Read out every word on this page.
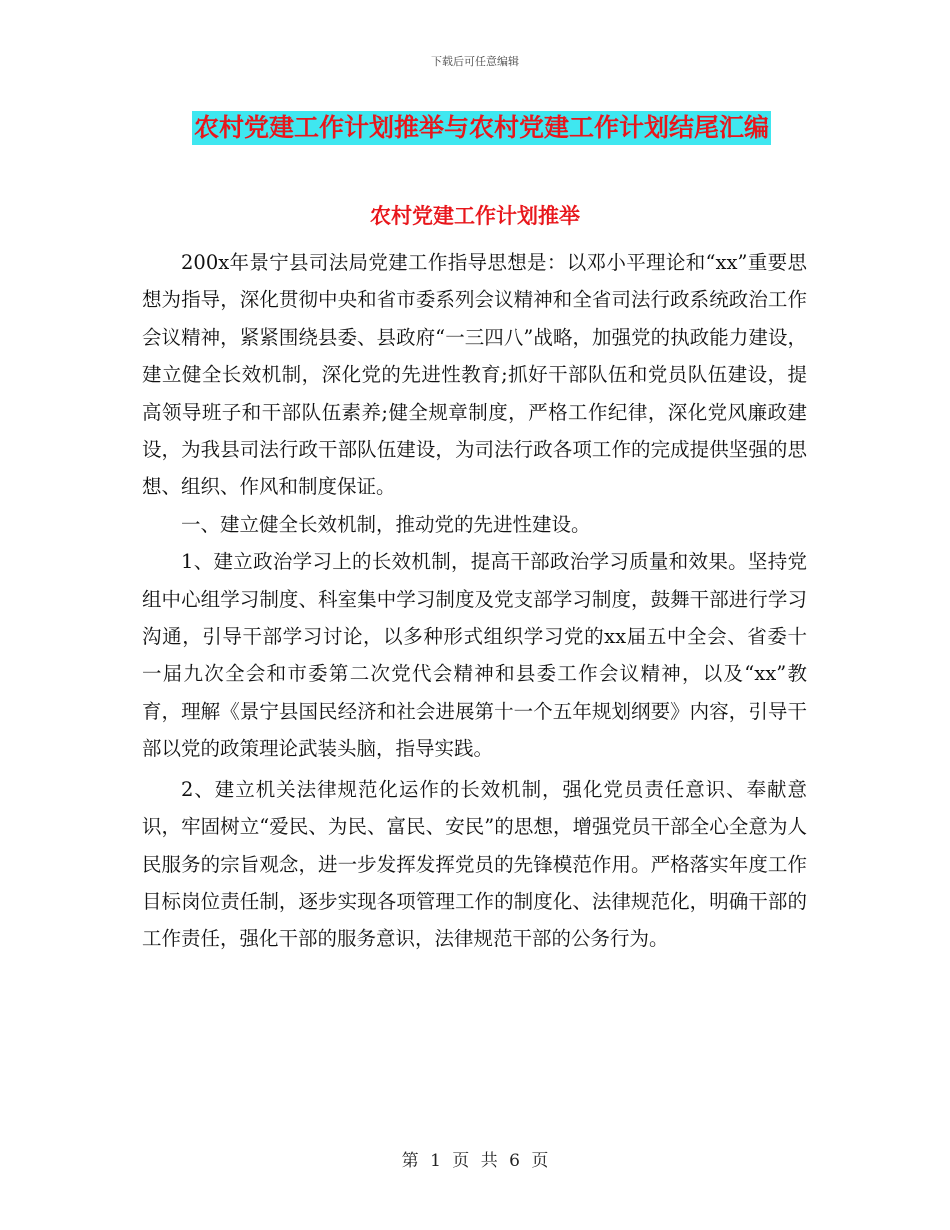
下载后可任意编辑
农村党建工作计划推举与农村党建工作计划结尾汇编
农村党建工作计划推举

200x年景宁县司法局党建工作指导思想是：以邓小平理论和“xx”重要思想为指导，深化贯彻中央和省市委系列会议精神和全省司法行政系统政治工作会议精神，紧紧围绕县委、县政府“一三四八”战略，加强党的执政能力建设，建立健全长效机制，深化党的先进性教育;抓好干部队伍和党员队伍建设，提高领导班子和干部队伍素养;健全规章制度，严格工作纪律，深化党风廉政建设，为我县司法行政干部队伍建设，为司法行政各项工作的完成提供坚强的思想、组织、作风和制度保证。

一、建立健全长效机制，推动党的先进性建设。

1、建立政治学习上的长效机制，提高干部政治学习质量和效果。坚持党组中心组学习制度、科室集中学习制度及党支部学习制度，鼓舞干部进行学习沟通，引导干部学习讨论，以多种形式组织学习党的xx届五中全会、省委十一届九次全会和市委第二次党代会精神和县委工作会议精神，以及“xx”教育，理解《景宁县国民经济和社会进展第十一个五年规划纲要》内容，引导干部以党的政策理论武装头脑，指导实践。

2、建立机关法律规范化运作的长效机制，强化党员责任意识、奉献意识，牢固树立“爱民、为民、富民、安民”的思想，增强党员干部全心全意为人民服务的宗旨观念，进一步发挥发挥党员的先锋模范作用。严格落实年度工作目标岗位责任制，逐步实现各项管理工作的制度化、法律规范化，明确干部的工作责任，强化干部的服务意识，法律规范干部的公务行为。

第 1 页 共 6 页
